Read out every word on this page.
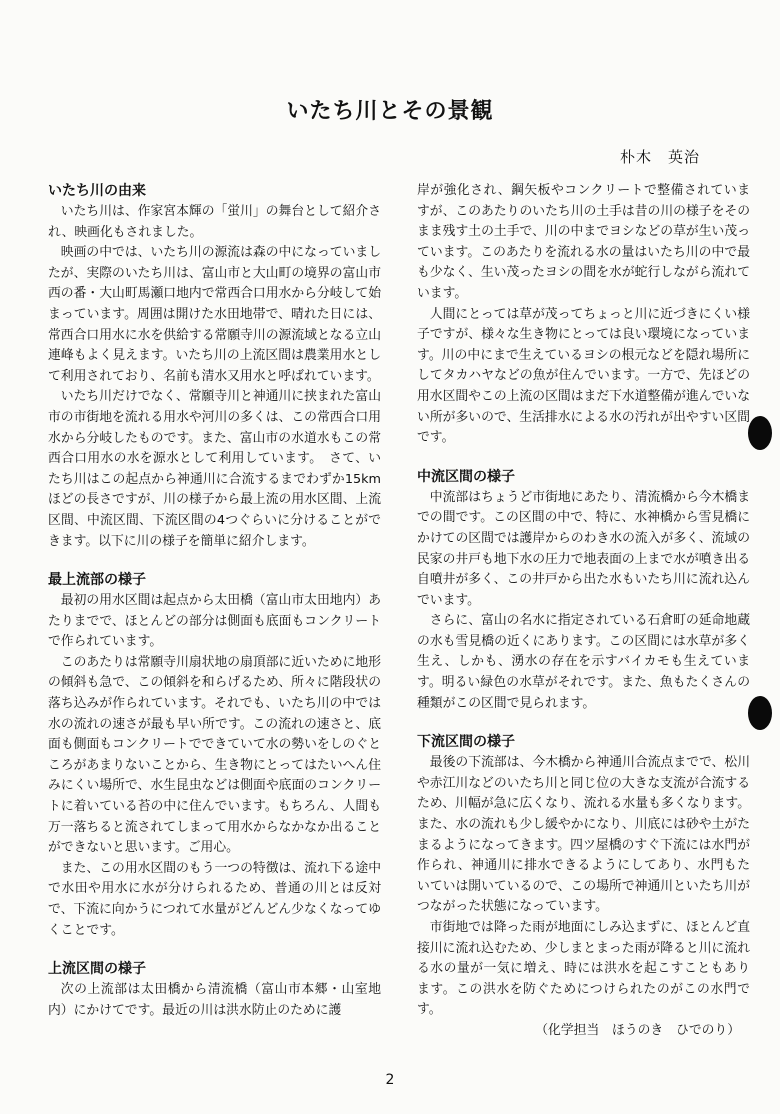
いたち川とその景観
朴木　英治
いたち川の由来

いたち川は、作家宮本輝の「蛍川」の舞台として紹介され、映画化もされました。

映画の中では、いたち川の源流は森の中になっていましたが、実際のいたち川は、富山市と大山町の境界の富山市西の番・大山町馬瀬口地内で常西合口用水から分岐して始まっています。周囲は開けた水田地帯で、晴れた日には、常西合口用水に水を供給する常願寺川の源流域となる立山連峰もよく見えます。いたち川の上流区間は農業用水として利用されており、名前も清水又用水と呼ばれています。

いたち川だけでなく、常願寺川と神通川に挟まれた富山市の市街地を流れる用水や河川の多くは、この常西合口用水から分岐したものです。また、富山市の水道水もこの常西合口用水の水を源水として利用しています。　さて、いたち川はこの起点から神通川に合流するまでわずか15kmほどの長さですが、川の様子から最上流の用水区間、上流区間、中流区間、下流区間の4つぐらいに分けることができます。以下に川の様子を簡単に紹介します。

最上流部の様子

最初の用水区間は起点から太田橋（富山市太田地内）あたりまでで、ほとんどの部分は側面も底面もコンクリートで作られています。

このあたりは常願寺川扇状地の扇頂部に近いために地形の傾斜も急で、この傾斜を和らげるため、所々に階段状の落ち込みが作られています。それでも、いたち川の中では水の流れの速さが最も早い所です。この流れの速さと、底面も側面もコンクリートでできていて水の勢いをしのぐところがあまりないことから、生き物にとってはたいへん住みにくい場所で、水生昆虫などは側面や底面のコンクリートに着いている苔の中に住んでいます。もちろん、人間も万一落ちると流されてしまって用水からなかなか出ることができないと思います。ご用心。

また、この用水区間のもう一つの特徴は、流れ下る途中で水田や用水に水が分けられるため、普通の川とは反対で、下流に向かうにつれて水量がどんどん少なくなってゆくことです。

上流区間の様子

次の上流部は太田橋から清流橋（富山市本郷・山室地内）にかけてです。最近の川は洪水防止のために護

岸が強化され、鋼矢板やコンクリートで整備されていますが、このあたりのいたち川の土手は昔の川の様子をそのまま残す土の土手で、川の中までヨシなどの草が生い茂っています。このあたりを流れる水の量はいたち川の中で最も少なく、生い茂ったヨシの間を水が蛇行しながら流れています。

人間にとっては草が茂ってちょっと川に近づきにくい様子ですが、様々な生き物にとっては良い環境になっています。川の中にまで生えているヨシの根元などを隠れ場所にしてタカハヤなどの魚が住んでいます。一方で、先ほどの用水区間やこの上流の区間はまだ下水道整備が進んでいない所が多いので、生活排水による水の汚れが出やすい区間です。

中流区間の様子

中流部はちょうど市街地にあたり、清流橋から今木橋までの間です。この区間の中で、特に、水神橋から雪見橋にかけての区間では護岸からのわき水の流入が多く、流域の民家の井戸も地下水の圧力で地表面の上まで水が噴き出る自噴井が多く、この井戸から出た水もいたち川に流れ込んでいます。

さらに、富山の名水に指定されている石倉町の延命地蔵の水も雪見橋の近くにあります。この区間には水草が多く生え、しかも、湧水の存在を示すバイカモも生えています。明るい緑色の水草がそれです。また、魚もたくさんの種類がこの区間で見られます。

下流区間の様子

最後の下流部は、今木橋から神通川合流点までで、松川や赤江川などのいたち川と同じ位の大きな支流が合流するため、川幅が急に広くなり、流れる水量も多くなります。また、水の流れも少し緩やかになり、川底には砂や土がたまるようになってきます。四ツ屋橋のすぐ下流には水門が作られ、神通川に排水できるようにしてあり、水門もたいていは開いているので、この場所で神通川といたち川がつながった状態になっています。

市街地では降った雨が地面にしみ込まずに、ほとんど直接川に流れ込むため、少しまとまった雨が降ると川に流れる水の量が一気に増え、時には洪水を起こすこともあります。この洪水を防ぐためにつけられたのがこの水門です。

（化学担当　ほうのき　ひでのり）

2
